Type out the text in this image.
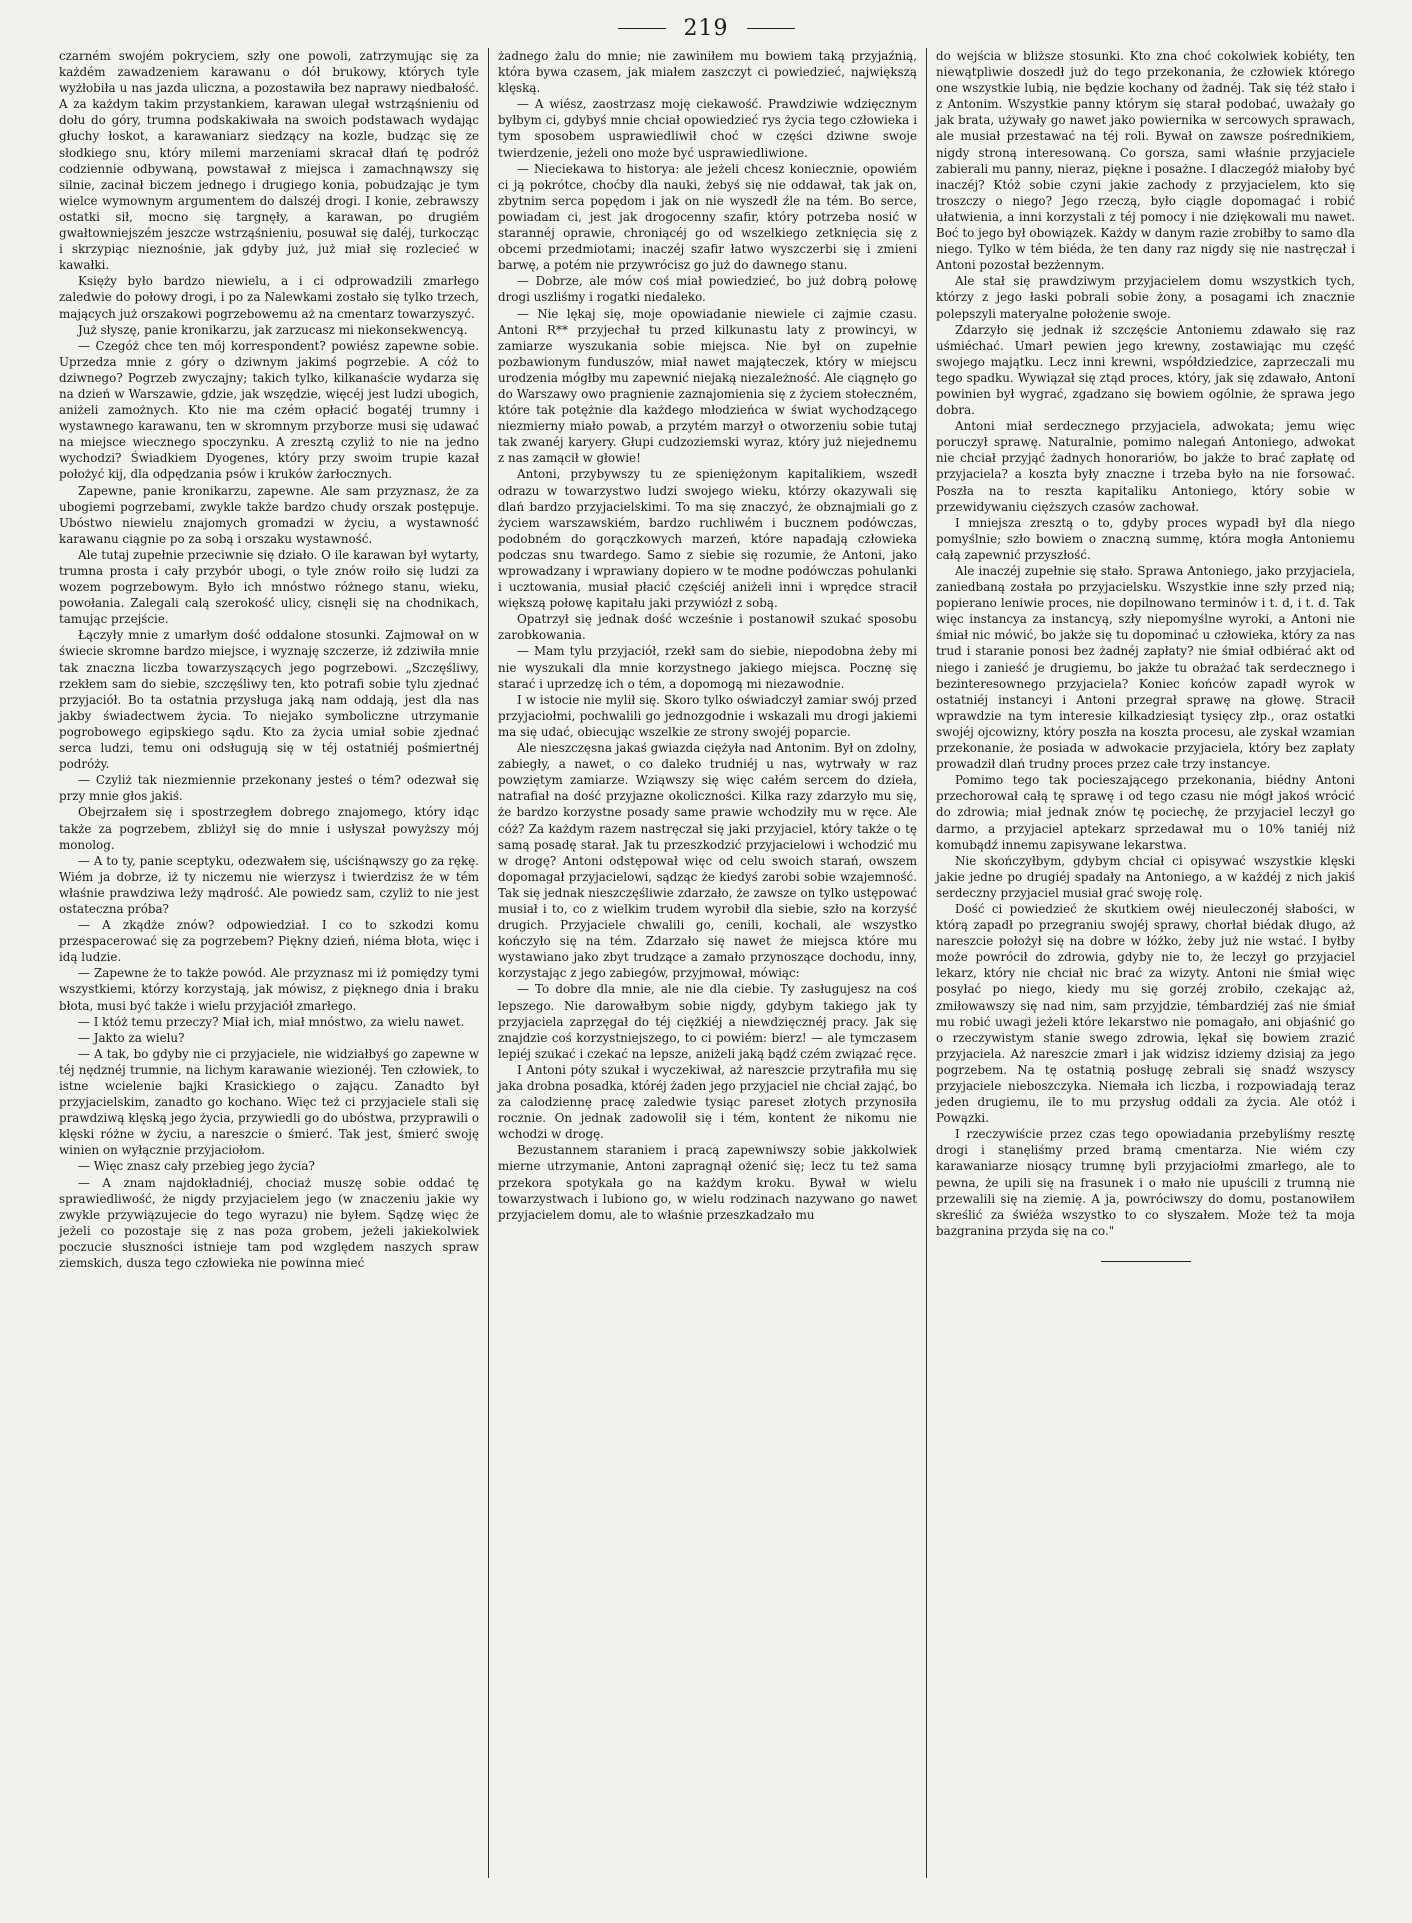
219

czarném swojém pokryciem, szły one powoli, zatrzymując się za każdém zawadzeniem karawanu o dół brukowy, których tyle wyżłobiła u nas jazda uliczna, a pozostawiła bez naprawy niedbałość. A za każdym takim przystankiem, karawan ulegał wstrząśnieniu od dołu do góry, trumna podskakiwała na swoich podstawach wydając głuchy łoskot, a karawaniarz siedzący na kozle, budząc się ze słodkiego snu, który milemi marzeniami skracał dłań tę podróż codziennie odbywaną, powstawał z miejsca i zamachnąwszy się silnie, zacinał biczem jednego i drugiego konia, pobudzając je tym wielce wymownym argumentem do dalszéj drogi. I konie, zebrawszy ostatki sił, mocno się targnęły, a karawan, po drugiém gwałtowniejszém jeszcze wstrząśnieniu, posuwał się daléj, turkocząc i skrzypiąc nieznośnie, jak gdyby już, już miał się rozlecieć w kawałki.

Księży było bardzo niewielu, a i ci odprowadzili zmarłego zaledwie do połowy drogi, i po za Nalewkami zostało się tylko trzech, mających już orszakowi pogrzebowemu aż na cmentarz towarzyszyć.

Już słyszę, panie kronikarzu, jak zarzucasz mi niekonsekwencyą.

— Czegóż chce ten mój korrespondent? powiész zapewne sobie. Uprzedza mnie z góry o dziwnym jakimś pogrzebie. A cóż to dziwnego? Pogrzeb zwyczajny; takich tylko, kilkanaście wydarza się na dzień w Warszawie, gdzie, jak wszędzie, więcéj jest ludzi ubogich, aniżeli zamożnych. Kto nie ma czém opłacić bogatéj trumny i wystawnego karawanu, ten w skromnym przyborze musi się udawać na miejsce wiecznego spoczynku. A zresztą czyliż to nie na jedno wychodzi? Świadkiem Dyogenes, który przy swoim trupie kazał położyć kij, dla odpędzania psów i kruków żarłocznych.

Zapewne, panie kronikarzu, zapewne. Ale sam przyznasz, że za ubogiemi pogrzebami, zwykle także bardzo chudy orszak postępuje. Ubóstwo niewielu znajomych gromadzi w życiu, a wystawność karawanu ciągnie po za sobą i orszaku wystawność.

Ale tutaj zupełnie przeciwnie się działo. O ile karawan był wytarty, trumna prosta i cały przybór ubogi, o tyle znów roiło się ludzi za wozem pogrzebowym. Było ich mnóstwo różnego stanu, wieku, powołania. Zalegali calą szerokość ulicy, cisnęli się na chodnikach, tamując przejście.

Łączyły mnie z umarłym dość oddalone stosunki. Zajmował on w świecie skromne bardzo miejsce, i wyznaję szczerze, iż zdziwiła mnie tak znaczna liczba towarzyszących jego pogrzebowi. „Szczęśliwy, rzekłem sam do siebie, szczęśliwy ten, kto potrafi sobie tylu zjednać przyjaciół. Bo ta ostatnia przysługa jaką nam oddają, jest dla nas jakby świadectwem życia. To niejako symboliczne utrzymanie pogrobowego egipskiego sądu. Kto za życia umiał sobie zjednać serca ludzi, temu oni odsługują się w téj ostatniéj pośmiertnéj podróży.

— Czyliż tak niezmiennie przekonany jesteś o tém? odezwał się przy mnie głos jakiś.

Obejrzałem się i spostrzegłem dobrego znajomego, który idąc także za pogrzebem, zbliżył się do mnie i usłyszał powyższy mój monolog.

— A to ty, panie sceptyku, odezwałem się, uściśnąwszy go za rękę. Wiém ja dobrze, iż ty niczemu nie wierzysz i twierdzisz że w tém właśnie prawdziwa leży mądrość. Ale powiedz sam, czyliż to nie jest ostateczna próba?

— A zkądże znów? odpowiedział. I co to szkodzi komu przespacerować się za pogrzebem? Piękny dzień, niéma błota, więc i idą ludzie.

— Zapewne że to także powód. Ale przyznasz mi iż pomiędzy tymi wszystkiemi, którzy korzystają, jak mówisz, z pięknego dnia i braku błota, musi być także i wielu przyjaciół zmarłego.

— I któż temu przeczy? Miał ich, miał mnóstwo, za wielu nawet.

— Jakto za wielu?

— A tak, bo gdyby nie ci przyjaciele, nie widziałbyś go zapewne w téj nędznéj trumnie, na lichym karawanie wiezionéj. Ten człowiek, to istne wcielenie bajki Krasickiego o zającu. Zanadto był przyjacielskim, zanadto go kochano. Więc też ci przyjaciele stali się prawdziwą klęską jego życia, przywiedli go do ubóstwa, przyprawili o klęski różne w życiu, a nareszcie o śmierć. Tak jest, śmierć swoję winien on wyłącznie przyjaciołom.

— Więc znasz cały przebieg jego życia?

— A znam najdokładniéj, chociaż muszę sobie oddać tę sprawiedliwość, że nigdy przyjacielem jego (w znaczeniu jakie wy zwykle przywiązujecie do tego wyrazu) nie byłem. Sądzę więc że jeżeli co pozostaje się z nas poza grobem, jeżeli jakiekolwiek poczucie słuszności istnieje tam pod względem naszych spraw ziemskich, dusza tego człowieka nie powinna mieć

żadnego żalu do mnie; nie zawiniłem mu bowiem taką przyjaźnią, która bywa czasem, jak miałem zaszczyt ci powiedzieć, największą klęską.

— A wiész, zaostrzasz moję ciekawość. Prawdziwie wdzięcznym byłbym ci, gdybyś mnie chciał opowiedzieć rys życia tego człowieka i tym sposobem usprawiedliwił choć w części dziwne swoje twierdzenie, jeżeli ono może być usprawiedliwione.

— Nieciekawa to historya: ale jeżeli chcesz koniecznie, opowiém ci ją pokrótce, choćby dla nauki, żebyś się nie oddawał, tak jak on, zbytnim serca popędom i jak on nie wyszedł źle na tém. Bo serce, powiadam ci, jest jak drogocenny szafir, który potrzeba nosić w starannéj oprawie, chroniącéj go od wszelkiego zetknięcia się z obcemi przedmiotami; inaczéj szafir łatwo wyszczerbi się i zmieni barwę, a potém nie przywrócisz go już do dawnego stanu.

— Dobrze, ale mów coś miał powiedzieć, bo już dobrą połowę drogi uszliśmy i rogatki niedaleko.

— Nie lękaj się, moje opowiadanie niewiele ci zajmie czasu. Antoni R** przyjechał tu przed kilkunastu laty z prowincyi, w zamiarze wyszukania sobie miejsca. Nie był on zupełnie pozbawionym funduszów, miał nawet mająteczek, który w miejscu urodzenia mógłby mu zapewnić niejaką niezależność. Ale ciągnęło go do Warszawy owo pragnienie zaznajomienia się z życiem stołeczném, które tak potężnie dla każdego młodzieńca w świat wychodzącego niezmierny miało powab, a przytém marzył o otworzeniu sobie tutaj tak zwanéj karyery. Głupi cudzoziemski wyraz, który już niejednemu z nas zamącił w głowie!

Antoni, przybywszy tu ze spieniężonym kapitalikiem, wszedł odrazu w towarzystwo ludzi swojego wieku, którzy okazywali się dlań bardzo przyjacielskimi. To ma się znaczyć, że obznajmiali go z życiem warszawskiém, bardzo ruchliwém i bucznem podówczas, podobném do gorączkowych marzeń, które napadają człowieka podczas snu twardego. Samo z siebie się rozumie, że Antoni, jako wprowadzany i wprawiany dopiero w te modne podówczas pohulanki i ucztowania, musiał płacić częściéj aniżeli inni i wprędce stracił większą połowę kapitału jaki przywiózł z sobą.

Opatrzył się jednak dość wcześnie i postanowił szukać sposobu zarobkowania.

— Mam tylu przyjaciół, rzekł sam do siebie, niepodobna żeby mi nie wyszukali dla mnie korzystnego jakiego miejsca. Pocznę się starać i uprzedzę ich o tém, a dopomogą mi niezawodnie.

I w istocie nie mylił się. Skoro tylko oświadczył zamiar swój przed przyjaciołmi, pochwalili go jednozgodnie i wskazali mu drogi jakiemi ma się udać, obiecując wszelkie ze strony swojéj poparcie.

Ale nieszczęsna jakaś gwiazda ciężyła nad Antonim. Był on zdolny, zabiegły, a nawet, o co daleko trudniéj u nas, wytrwały w raz powziętym zamiarze. Wziąwszy się więc całém sercem do dzieła, natrafiał na dość przyjazne okoliczności. Kilka razy zdarzyło mu się, że bardzo korzystne posady same prawie wchodziły mu w ręce. Ale cóż? Za każdym razem nastręczał się jaki przyjaciel, który także o tę samą posadę starał. Jak tu przeszkodzić przyjacielowi i wchodzić mu w drogę? Antoni odstępował więc od celu swoich starań, owszem dopomagał przyjacielowi, sądząc że kiedyś zarobi sobie wzajemność. Tak się jednak nieszczęśliwie zdarzało, że zawsze on tylko ustępować musiał i to, co z wielkim trudem wyrobił dla siebie, szło na korzyść drugich. Przyjaciele chwalili go, cenili, kochali, ale wszystko kończyło się na tém. Zdarzało się nawet że miejsca które mu wystawiano jako zbyt trudzące a zamało przynoszące dochodu, inny, korzystając z jego zabiegów, przyjmował, mówiąc:

— To dobre dla mnie, ale nie dla ciebie. Ty zasługujesz na coś lepszego. Nie darowałbym sobie nigdy, gdybym takiego jak ty przyjaciela zaprzęgał do téj ciężkiéj a niewdzięcznéj pracy. Jak się znajdzie coś korzystniejszego, to ci powiém: bierz! — ale tymczasem lepiéj szukać i czekać na lepsze, aniżeli jaką bądź czém związać ręce.

I Antoni póty szukał i wyczekiwał, aż nareszcie przytrafiła mu się jaka drobna posadka, któréj żaden jego przyjaciel nie chciał zająć, bo za calodziennę pracę zaledwie tysiąc pareset złotych przynosiła rocznie. On jednak zadowolił się i tém, kontent że nikomu nie wchodzi w drogę.

Bezustannem staraniem i pracą zapewniwszy sobie jakkolwiek mierne utrzymanie, Antoni zapragnął ożenić się; lecz tu też sama przekora spotykała go na każdym kroku. Bywał w wielu towarzystwach i lubiono go, w wielu rodzinach nazywano go nawet przyjacielem domu, ale to właśnie przeszkadzało mu

do wejścia w bliższe stosunki. Kto zna choć cokolwiek kobiéty, ten niewątpliwie doszedł już do tego przekonania, że człowiek którego one wszystkie lubią, nie będzie kochany od żadnéj. Tak się téż stało i z Antonim. Wszystkie panny którym się starał podobać, uważały go jak brata, używały go nawet jako powiernika w sercowych sprawach, ale musiał przestawać na téj roli. Bywał on zawsze pośrednikiem, nigdy stroną interesowaną. Co gorsza, sami właśnie przyjaciele zabierali mu panny, nieraz, piękne i posażne. I dlaczegóż miałoby być inaczéj? Któż sobie czyni jakie zachody z przyjacielem, kto się troszczy o niego? Jego rzeczą, było ciągle dopomagać i robić ułatwienia, a inni korzystali z téj pomocy i nie dziękowali mu nawet. Boć to jego był obowiązek. Każdy w danym razie zrobiłby to samo dla niego. Tylko w tém biéda, że ten dany raz nigdy się nie nastręczał i Antoni pozostał bezżennym.

Ale stał się prawdziwym przyjacielem domu wszystkich tych, którzy z jego łaski pobrali sobie żony, a posagami ich znacznie polepszyli materyalne położenie swoje.

Zdarzyło się jednak iż szczęście Antoniemu zdawało się raz uśmiéchać. Umarł pewien jego krewny, zostawiając mu część swojego majątku. Lecz inni krewni, współdziedzice, zaprzeczali mu tego spadku. Wywiązał się ztąd proces, który, jak się zdawało, Antoni powinien był wygrać, zgadzano się bowiem ogólnie, że sprawa jego dobra.

Antoni miał serdecznego przyjaciela, adwokata; jemu więc poruczył sprawę. Naturalnie, pomimo nalegań Antoniego, adwokat nie chciał przyjąć żadnych honorariów, bo jakże to brać zapłatę od przyjaciela? a koszta były znaczne i trzeba było na nie forsować. Poszła na to reszta kapitaliku Antoniego, który sobie w przewidywaniu cięższych czasów zachował.

I mniejsza zresztą o to, gdyby proces wypadł był dla niego pomyślnie; szło bowiem o znaczną summę, która mogła Antoniemu całą zapewnić przyszłość.

Ale inaczéj zupełnie się stało. Sprawa Antoniego, jako przyjaciela, zaniedbaną została po przyjacielsku. Wszystkie inne szły przed nią; popierano leniwie proces, nie dopilnowano terminów i t. d, i t. d. Tak więc instancya za instancyą, szły niepomyślne wyroki, a Antoni nie śmiał nic mówić, bo jakże się tu dopominać u człowieka, który za nas trud i staranie ponosi bez żadnéj zapłaty? nie śmiał odbiérać akt od niego i zanieść je drugiemu, bo jakże tu obrażać tak serdecznego i bezinteresownego przyjaciela? Koniec końców zapadł wyrok w ostatniéj instancyi i Antoni przegrał sprawę na głowę. Stracił wprawdzie na tym interesie kilkadziesiąt tysięcy złp., oraz ostatki swojéj ojcowizny, który poszła na koszta procesu, ale zyskał wzamian przekonanie, że posiada w adwokacie przyjaciela, który bez zapłaty prowadził dlań trudny proces przez całe trzy instancye.

Pomimo tego tak pocieszającego przekonania, biédny Antoni przechorował całą tę sprawę i od tego czasu nie mógł jakoś wrócić do zdrowia; miał jednak znów tę pociechę, że przyjaciel leczył go darmo, a przyjaciel aptekarz sprzedawał mu o 10% taniéj niż komubądź innemu zapisywane lekarstwa.

Nie skończyłbym, gdybym chciał ci opisywać wszystkie klęski jakie jedne po drugiéj spadały na Antoniego, a w każdéj z nich jakiś serdeczny przyjaciel musiał grać swoję rolę.

Dość ci powiedzieć że skutkiem owéj nieuleczonéj słabości, w którą zapadł po przegraniu swojéj sprawy, chorłał biédak długo, aż nareszcie położył się na dobre w łóżko, żeby już nie wstać. I byłby może powrócił do zdrowia, gdyby nie to, że leczył go przyjaciel lekarz, który nie chciał nic brać za wizyty. Antoni nie śmiał więc posyłać po niego, kiedy mu się gorzéj zrobiło, czekając aż, zmiłowawszy się nad nim, sam przyjdzie, témbardziéj zaś nie śmiał mu robić uwagi jeżeli które lekarstwo nie pomagało, ani objaśnić go o rzeczywistym stanie swego zdrowia, lękał się bowiem zrazić przyjaciela. Aż nareszcie zmarł i jak widzisz idziemy dzisiaj za jego pogrzebem. Na tę ostatnią posługę zebrali się snadź wszyscy przyjaciele nieboszczyka. Niemała ich liczba, i rozpowiadają teraz jeden drugiemu, ile to mu przysług oddali za życia. Ale otóż i Powązki.

I rzeczywiście przez czas tego opowiadania przebyliśmy resztę drogi i stanęliśmy przed bramą cmentarza. Nie wiém czy karawaniarze niosący trumnę byli przyjaciołmi zmarłego, ale to pewna, że upili się na frasunek i o mało nie upuścili z trumną nie przewalili się na ziemię. A ja, powróciwszy do domu, postanowiłem skreślić za świéża wszystko to co słyszałem. Może też ta moja bazgranina przyda się na co."
